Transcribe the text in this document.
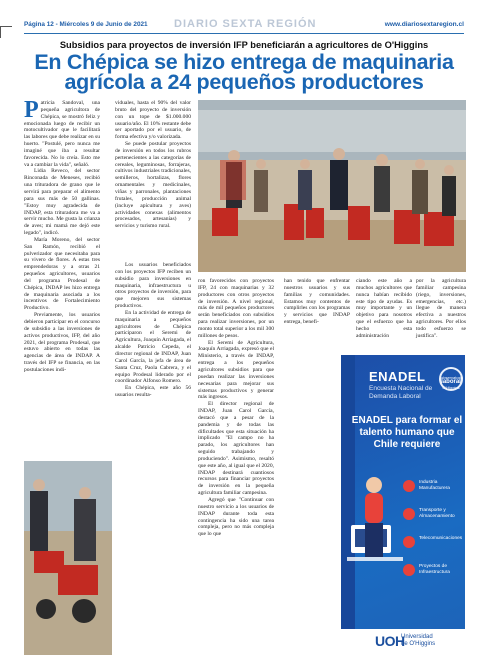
Página 12 - Miércoles 9 de Junio de 2021 DIARIO SEXTA REGIÓN	www.diariosextaregion.cl
Subsidios para proyectos de inversión IFP beneficiarán a agricultores de O'Higgins
En Chépica se hizo entrega de maquinaria
agrícola a 24 pequeños productores
P atricia Sandoval, una pequeña agricultora de Chépica, se mostró feliz y emocionada luego de recibir un motocultivador que le facilitará las labores que debe realizar en su huerto. "Postulé, pero nunca me imaginé que iba a resultar favorecida. No lo creía. Esto me va a cambiar la vida", señaló.

Lidia Reveco, del sector Rinconada de Meneses, recibió una trituradora de grano que le servirá para preparar el alimento para sus más de 50 gallinas. "Estoy muy agradecida de INDAP, esta trituradora me va a servir mucho. Me gusta la crianza de aves; mi mamá me dejó este legado", indicó.

María Moreno, del sector San Ramón, recibió el pulverizador que necesitaba para su vivero de flores. A estas tres emprendedoras y a otras 21 pequeños agricultores, usuarios del programa Prodesal de Chépica, INDAP les hizo entrega de maquinaria asociada a los incentivos de Fortalecimiento Productivo.

Previamente, los usuarios debieron participar en el concurso de subsidio a las inversiones de activos productivos, IFP, del año 2021, del programa Prodesal, que estuvo abierto en todas las agencias de área de INDAP. A través del IFP se financia, en las postulaciones indi-

viduales, hasta el 90% del valor bruto del proyecto de inversión con un tope de $1.000.000 usuario/año. El 10% restante debe ser aportado por el usuario, de forma efectiva y/o valorizada.

Se puede postular proyectos de inversión en todos los rubros pertenecientes a las categorías de cereales, leguminosas, forrajeras, cultivos industriales tradicionales, semilleros, hortalizas, flores ornamentales y medicinales, viñas y parronales, plantaciones frutales, producción animal (incluye apícultura y aves) actividades conexas (alimentos procesados, artesanías) y servicios y turismo rural.

Los usuarios beneficiados con los proyectos IFP reciben un subsidio para inversiones en maquinaria, infraestructura u otros proyectos de inversión, para que mejoren sus sistemas productivos.

En la actividad de entrega de maquinaria a pequeños agricultores de Chépica participaron el Seremi de Agricultura, Joaquín Arriagada, el alcalde Patricio Cepeda, el director regional de INDAP, Juan Carol García, la jefa de área de Santa Cruz, Paola Cabrera, y el equipo Prodesal liderado por el coordinador Alfonso Romero.

En Chépica, este año 56 usuarios resulta-

ron favorecidos con proyectos IFP, 24 con maquinarias y 32 productores con otros proyectos de inversión. A nivel regional, más de mil pequeños productores serán beneficiados con subsidios para realizar inversiones, por un monto total superior a los mil 300 millones de pesos.

El Seremi de Agricultura, Joaquín Arriagada, expresó que el Ministerio, a través de INDAP, entrega a los pequeños agricultores subsidios para que puedan realizar las inversiones necesarias para mejorar sus sistemas productivos y generar más ingresos.

El director regional de INDAP, Juan Carol García, destacó que a pesar de la pandemia y de todas las dificultades que esta situación ha implicado "El campo no ha parado, los agricultores han seguido trabajando y produciendo". Asimismo, resaltó que este año, al igual que el 2020, INDAP destinará cuantiosos recursos para financiar proyectos de inversión en la pequeña agricultura familiar campesina.

Agregó que "Continuar con nuestro servicio a los usuarios de INDAP durante toda esta contingencia ha sido una tarea compleja, pero no más compleja que lo que

han tenido que enfrentar nuestros usuarios y sus familias y comunidades. Estamos muy contentos de cumplirles con los programas y servicios que INDAP entrega, benefi-

ciando este año a muchos agricultores que nunca habían recibido este tipo de ayudas. Es muy importante y un objetivo para nosotros que el esfuerzo que ha hecho esta administración

por la agricultura familiar campesina (riego, inversiones, emergencias, etc.) llegue de manera efectiva a nuestros agricultores. Por ellos todo esfuerzo se justifica".

ENADEL
Encuesta Nacional de Demanda Laboral
observatorio
laboral
O'Higgins
ENADEL para formar el
talento humano que
Chile requiere
Industria Manufacturera
Transporte y Almacenamiento
Telecomunicaciones
Proyectos de Infraestructura
UOH
Universidad
de O'Higgins
